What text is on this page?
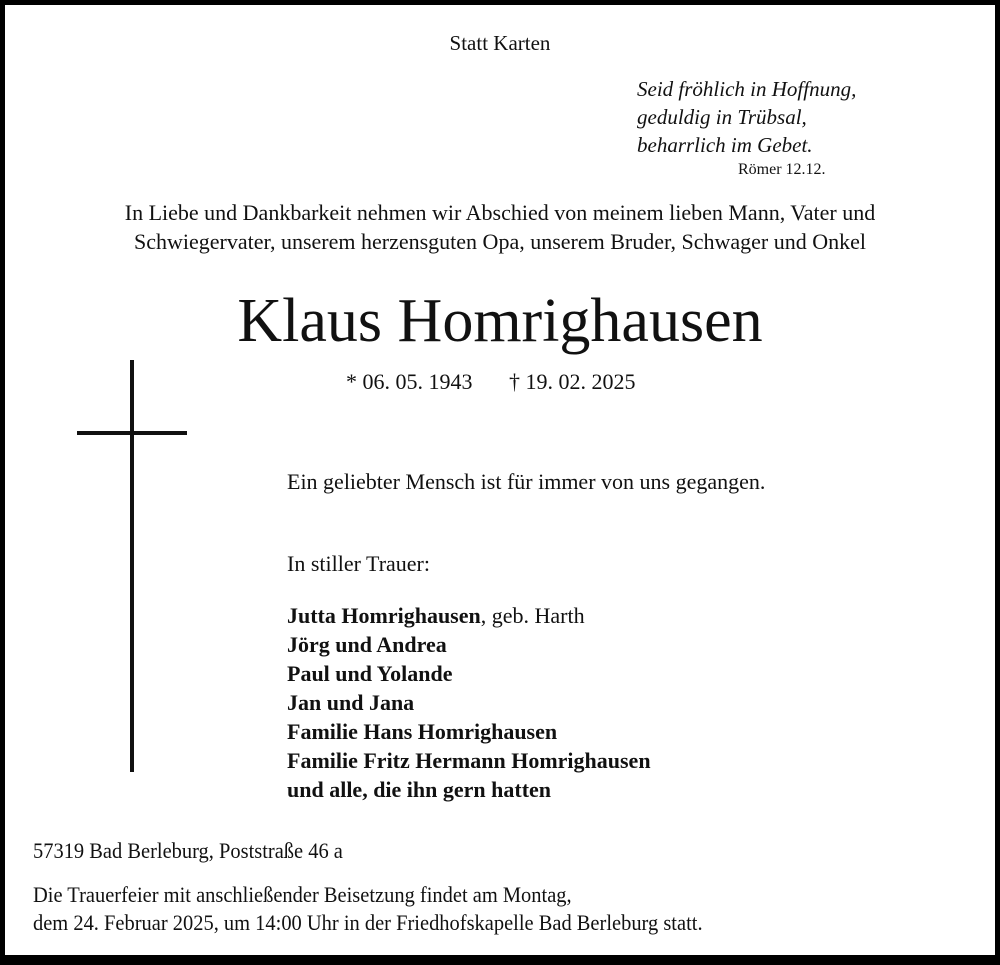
Statt Karten
Seid fröhlich in Hoffnung,
geduldig in Trübsal,
beharrlich im Gebet.
Römer 12.12.
In Liebe und Dankbarkeit nehmen wir Abschied von meinem lieben Mann, Vater und
Schwiegervater, unserem herzensguten Opa, unserem Bruder, Schwager und Onkel
Klaus Homrighausen
* 06. 05. 1943 † 19. 02. 2025
Ein geliebter Mensch ist für immer von uns gegangen.
In stiller Trauer:
Jutta Homrighausen, geb. Harth
Jörg und Andrea
Paul und Yolande
Jan und Jana
Familie Hans Homrighausen
Familie Fritz Hermann Homrighausen
und alle, die ihn gern hatten
57319 Bad Berleburg, Poststraße 46 a
Die Trauerfeier mit anschließender Beisetzung findet am Montag,
dem 24. Februar 2025, um 14:00 Uhr in der Friedhofskapelle Bad Berleburg statt.
